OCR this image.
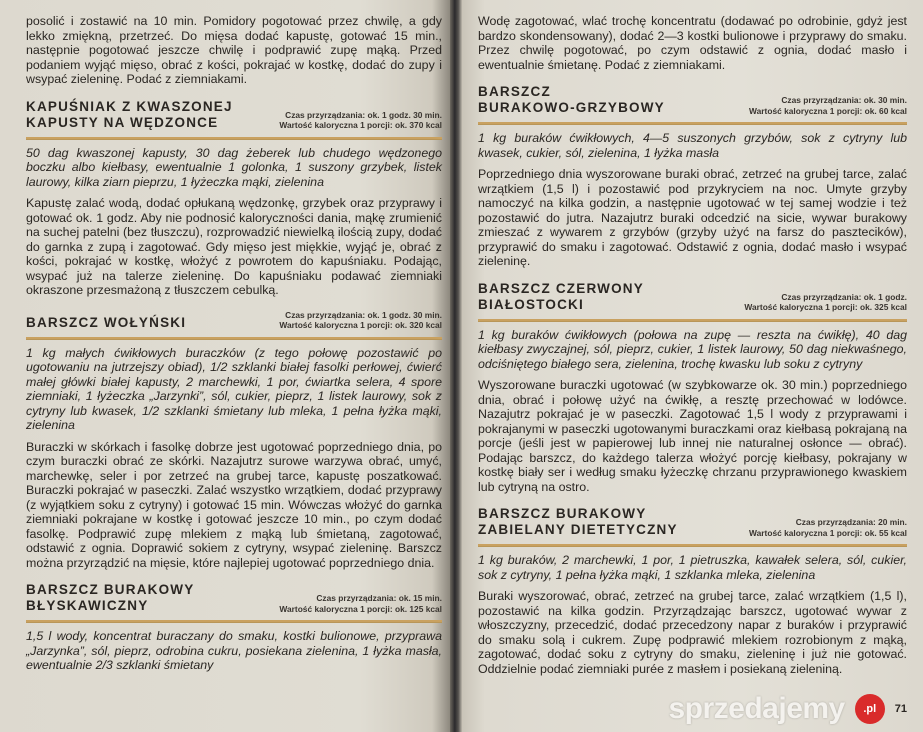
posolić i zostawić na 10 min. Pomidory pogotować przez chwilę, a gdy lekko zmiękną, przetrzeć. Do mięsa dodać kapustę, gotować 15 min., następnie pogotować jeszcze chwilę i podprawić zupę mąką. Przed podaniem wyjąć mięso, obrać z kości, pokrajać w kostkę, dodać do zupy i wsypać zieleninę. Podać z ziemniakami.
KAPUŚNIAK Z KWASZONEJ
KAPUSTY NA WĘDZONCE	Czas przyrządzania: ok. 1 godz. 30 min.
Wartość kaloryczna 1 porcji: ok. 370 kcal
50 dag kwaszonej kapusty, 30 dag żeberek lub chudego wędzonego boczku albo kiełbasy, ewentualnie 1 golonka, 1 suszony grzybek, listek laurowy, kilka ziarn pieprzu, 1 łyżeczka mąki, zielenina
Kapustę zalać wodą, dodać opłukaną wędzonkę, grzybek oraz przyprawy i gotować ok. 1 godz. Aby nie podnosić kaloryczności dania, mąkę zrumienić na suchej patelni (bez tłuszczu), rozprowadzić niewielką ilością zupy, dodać do garnka z zupą i zagotować. Gdy mięso jest miękkie, wyjąć je, obrać z kości, pokrajać w kostkę, włożyć z powrotem do kapuśniaku. Podając, wsypać już na talerze zieleninę. Do kapuśniaku podawać ziemniaki okraszone przesmażoną z tłuszczem cebulką.
BARSZCZ WOŁYŃSKI	Czas przyrządzania: ok. 1 godz. 30 min.
Wartość kaloryczna 1 porcji: ok. 320 kcal
1 kg małych ćwikłowych buraczków (z tego połowę pozostawić po ugotowaniu na jutrzejszy obiad), 1/2 szklanki białej fasolki perłowej, ćwierć małej główki białej kapusty, 2 marchewki, 1 por, ćwiartka selera, 4 spore ziemniaki, 1 łyżeczka „Jarzynki”, sól, cukier, pieprz, 1 listek laurowy, sok z cytryny lub kwasek, 1/2 szklanki śmietany lub mleka, 1 pełna łyżka mąki, zielenina
Buraczki w skórkach i fasolkę dobrze jest ugotować poprzedniego dnia, po czym buraczki obrać ze skórki. Nazajutrz surowe warzywa obrać, umyć, marchewkę, seler i por zetrzeć na grubej tarce, kapustę poszatkować. Buraczki pokrajać w paseczki. Zalać wszystko wrzątkiem, dodać przyprawy (z wyjątkiem soku z cytryny) i gotować 15 min. Wówczas włożyć do garnka ziemniaki pokrajane w kostkę i gotować jeszcze 10 min., po czym dodać fasolkę. Podprawić zupę mlekiem z mąką lub śmietaną, zagotować, odstawić z ognia. Doprawić sokiem z cytryny, wsypać zieleninę. Barszcz można przyrządzić na mięsie, które najlepiej ugotować poprzedniego dnia.
BARSZCZ BURAKOWY
BŁYSKAWICZNY	Czas przyrządzania: ok. 15 min.
Wartość kaloryczna 1 porcji: ok. 125 kcal
1,5 l wody, koncentrat buraczany do smaku, kostki bulionowe, przyprawa „Jarzynka”, sól, pieprz, odrobina cukru, posiekana zielenina, 1 łyżka masła, ewentualnie 2/3 szklanki śmietany
Wodę zagotować, wlać trochę koncentratu (dodawać po odrobinie, gdyż jest bardzo skondensowany), dodać 2—3 kostki bulionowe i przyprawy do smaku. Przez chwilę pogotować, po czym odstawić z ognia, dodać masło i ewentualnie śmietanę. Podać z ziemniakami.
BARSZCZ
BURAKOWO-GRZYBOWY	Czas przyrządzania: ok. 30 min.
Wartość kaloryczna 1 porcji: ok. 60 kcal
1 kg buraków ćwikłowych, 4—5 suszonych grzybów, sok z cytryny lub kwasek, cukier, sól, zielenina, 1 łyżka masła
Poprzedniego dnia wyszorowane buraki obrać, zetrzeć na grubej tarce, zalać wrzątkiem (1,5 l) i pozostawić pod przykryciem na noc. Umyte grzyby namoczyć na kilka godzin, a następnie ugotować w tej samej wodzie i też pozostawić do jutra. Nazajutrz buraki odcedzić na sicie, wywar burakowy zmieszać z wywarem z grzybów (grzyby użyć na farsz do pasztecików), przyprawić do smaku i zagotować. Odstawić z ognia, dodać masło i wsypać zieleninę.
BARSZCZ CZERWONY
BIAŁOSTOCKI	Czas przyrządzania: ok. 1 godz.
Wartość kaloryczna 1 porcji: ok. 325 kcal
1 kg buraków ćwikłowych (połowa na zupę — reszta na ćwikłę), 40 dag kiełbasy zwyczajnej, sól, pieprz, cukier, 1 listek laurowy, 50 dag niekwaśnego, odciśniętego białego sera, zielenina, trochę kwasku lub soku z cytryny
Wyszorowane buraczki ugotować (w szybkowarze ok. 30 min.) poprzedniego dnia, obrać i połowę użyć na ćwikłę, a resztę przechować w lodówce. Nazajutrz pokrajać je w paseczki. Zagotować 1,5 l wody z przyprawami i pokrajanymi w paseczki ugotowanymi buraczkami oraz kiełbasą pokrajaną na porcje (jeśli jest w papierowej lub innej nie naturalnej osłonce — obrać). Podając barszcz, do każdego talerza włożyć porcję kiełbasy, pokrajany w kostkę biały ser i według smaku łyżeczkę chrzanu przyprawionego kwaskiem lub cytryną na ostro.
BARSZCZ BURAKOWY
ZABIELANY DIETETYCZNY	Czas przyrządzania: 20 min.
Wartość kaloryczna 1 porcji: ok. 55 kcal
1 kg buraków, 2 marchewki, 1 por, 1 pietruszka, kawałek selera, sól, cukier, sok z cytryny, 1 pełna łyżka mąki, 1 szklanka mleka, zielenina
Buraki wyszorować, obrać, zetrzeć na grubej tarce, zalać wrzątkiem (1,5 l), pozostawić na kilka godzin. Przyrządzając barszcz, ugotować wywar z włoszczyzny, przecedzić, dodać przecedzony napar z buraków i przyprawić do smaku solą i cukrem. Zupę podprawić mlekiem rozrobionym z mąką, zagotować, dodać soku z cytryny do smaku, zieleninę i już nie gotować. Oddzielnie podać ziemniaki purée z masłem i posiekaną zieleniną.
sprzedajemy	.pl	71
